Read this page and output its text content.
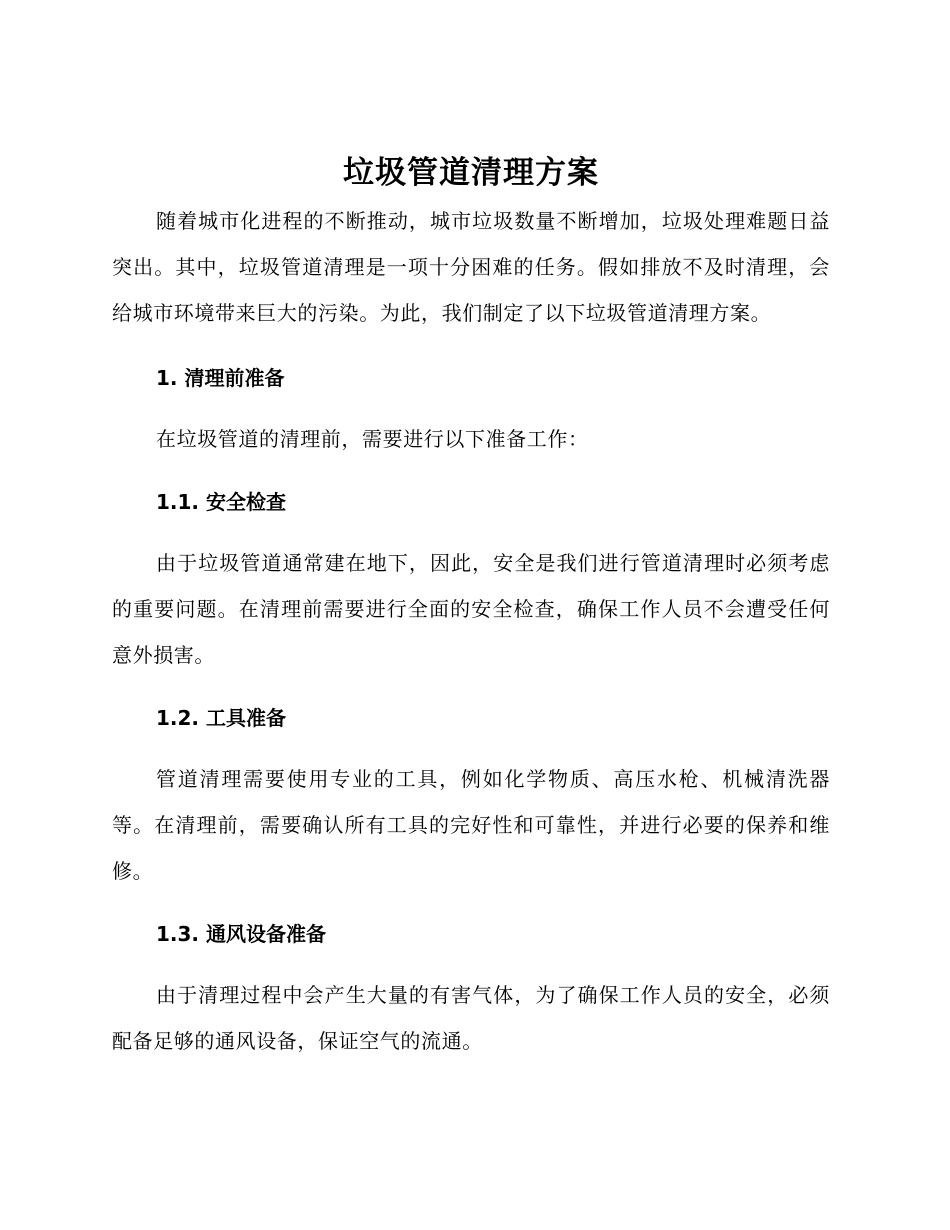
垃圾管道清理方案

随着城市化进程的不断推动，城市垃圾数量不断增加，垃圾处理难题日益突出。其中，垃圾管道清理是一项十分困难的任务。假如排放不及时清理，会给城市环境带来巨大的污染。为此，我们制定了以下垃圾管道清理方案。

1. 清理前准备

在垃圾管道的清理前，需要进行以下准备工作：

1.1. 安全检查

由于垃圾管道通常建在地下，因此，安全是我们进行管道清理时必须考虑的重要问题。在清理前需要进行全面的安全检查，确保工作人员不会遭受任何意外损害。

1.2. 工具准备

管道清理需要使用专业的工具，例如化学物质、高压水枪、机械清洗器等。在清理前，需要确认所有工具的完好性和可靠性，并进行必要的保养和维修。

1.3. 通风设备准备

由于清理过程中会产生大量的有害气体，为了确保工作人员的安全，必须配备足够的通风设备，保证空气的流通。
